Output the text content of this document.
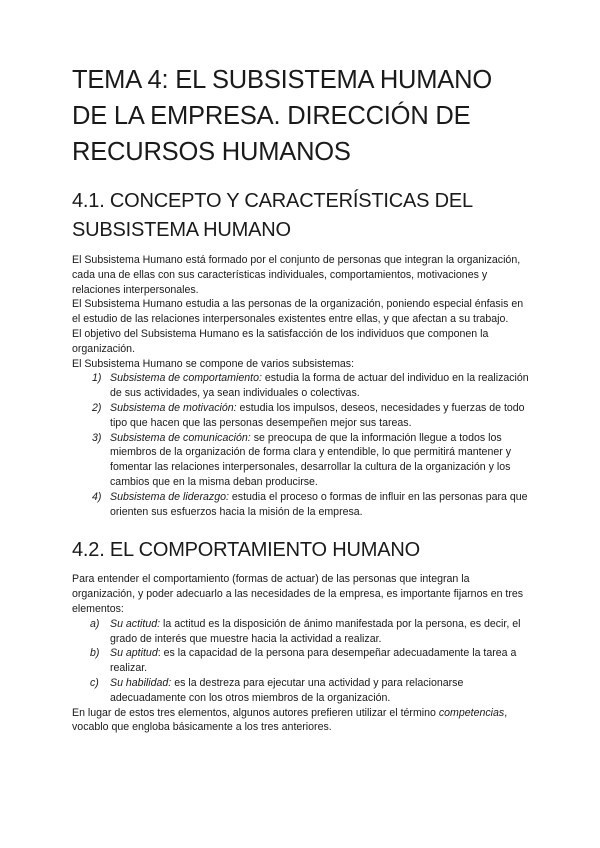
TEMA 4: EL SUBSISTEMA HUMANO DE LA EMPRESA. DIRECCIÓN DE RECURSOS HUMANOS
4.1. CONCEPTO Y CARACTERÍSTICAS DEL SUBSISTEMA HUMANO

El Subsistema Humano está formado por el conjunto de personas que integran la organización, cada una de ellas con sus características individuales, comportamientos, motivaciones y relaciones interpersonales.

El Subsistema Humano estudia a las personas de la organización, poniendo especial énfasis en el estudio de las relaciones interpersonales existentes entre ellas, y que afectan a su trabajo.

El objetivo del Subsistema Humano es la satisfacción de los individuos que componen la organización.

El Subsistema Humano se compone de varios subsistemas:

1) Subsistema de comportamiento: estudia la forma de actuar del individuo en la realización de sus actividades, ya sean individuales o colectivas.
2) Subsistema de motivación: estudia los impulsos, deseos, necesidades y fuerzas de todo tipo que hacen que las personas desempeñen mejor sus tareas.
3) Subsistema de comunicación: se preocupa de que la información llegue a todos los miembros de la organización de forma clara y entendible, lo que permitirá mantener y fomentar las relaciones interpersonales, desarrollar la cultura de la organización y los cambios que en la misma deban producirse.
4) Subsistema de liderazgo: estudia el proceso o formas de influir en las personas para que orienten sus esfuerzos hacia la misión de la empresa.
4.2. EL COMPORTAMIENTO HUMANO

Para entender el comportamiento (formas de actuar) de las personas que integran la organización, y poder adecuarlo a las necesidades de la empresa, es importante fijarnos en tres elementos:

a) Su actitud: la actitud es la disposición de ánimo manifestada por la persona, es decir, el grado de interés que muestre hacia la actividad a realizar.
b) Su aptitud: es la capacidad de la persona para desempeñar adecuadamente la tarea a realizar.
c) Su habilidad: es la destreza para ejecutar una actividad y para relacionarse adecuadamente con los otros miembros de la organización.

En lugar de estos tres elementos, algunos autores prefieren utilizar el término competencias, vocablo que engloba básicamente a los tres anteriores.
